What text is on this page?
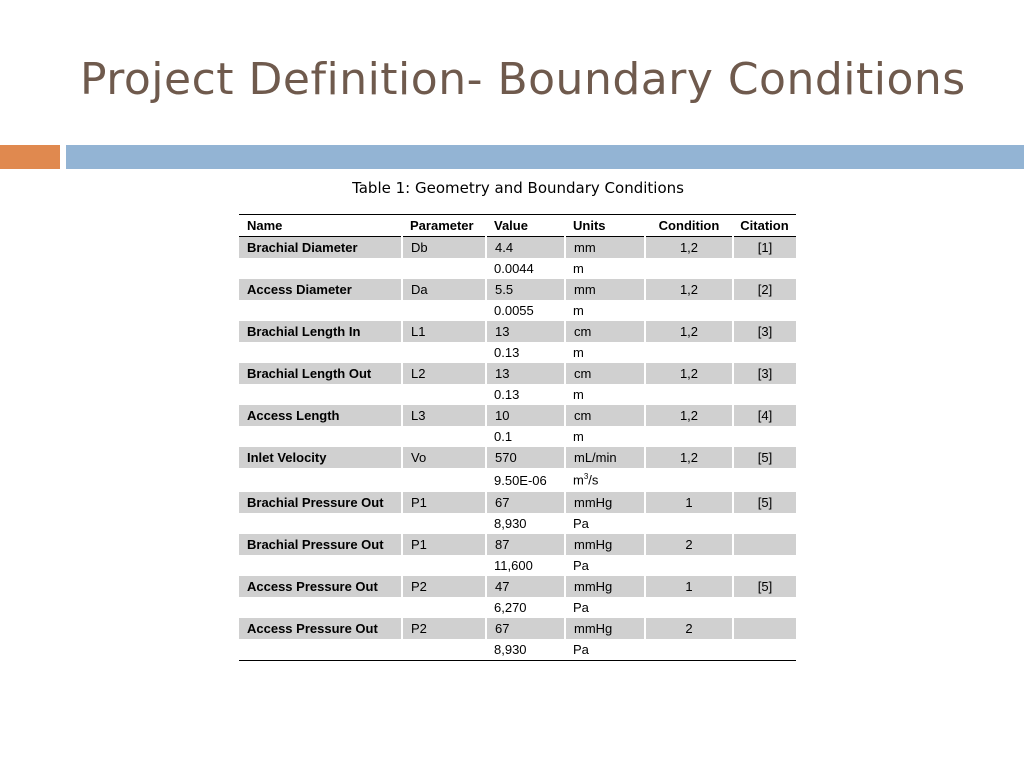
Project Definition- Boundary Conditions
Table 1: Geometry and Boundary Conditions
Name	Parameter	Value	Units	Condition	Citation
Brachial Diameter	Db	4.4	mm	1,2	[1]
		0.0044	m		
Access Diameter	Da	5.5	mm	1,2	[2]
		0.0055	m		
Brachial Length In	L1	13	cm	1,2	[3]
		0.13	m		
Brachial Length Out	L2	13	cm	1,2	[3]
		0.13	m		
Access Length	L3	10	cm	1,2	[4]
		0.1	m		
Inlet Velocity	Vo	570	mL/min	1,2	[5]
		9.50E-06	$m^3/s$		
Brachial Pressure Out	P1	67	mmHg	1	[5]
		8,930	Pa		
Brachial Pressure Out	P1	87	mmHg	2	
		11,600	Pa		
Access Pressure Out	P2	47	mmHg	1	[5]
		6,270	Pa		
Access Pressure Out	P2	67	mmHg	2	
		8,930	Pa		
